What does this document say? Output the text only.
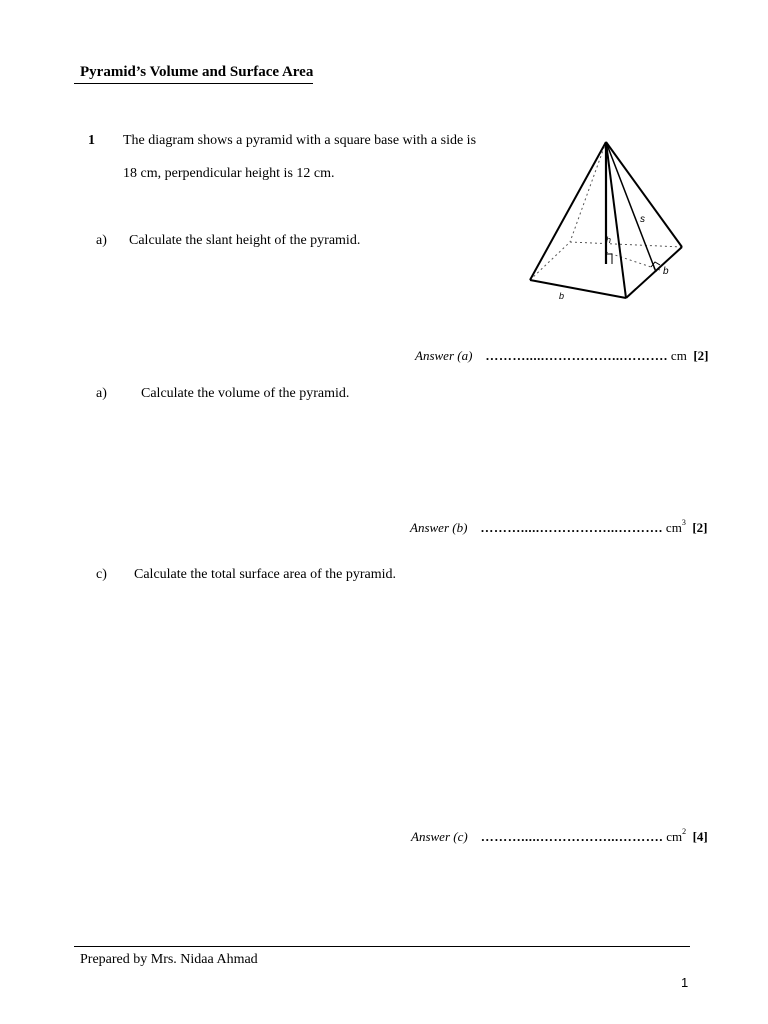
Pyramid’s Volume and Surface Area
1 The diagram shows a pyramid with a square base with a side is
18 cm, perpendicular height is 12 cm.
s
h
b
b
a) Calculate the slant height of the pyramid.
Answer (a) ……….....……………...………. cm [2]
a) Calculate the volume of the pyramid.
Answer (b) ……….....……………...………. $cm^3$ [2]
c) Calculate the total surface area of the pyramid.
Answer (c) ……….....……………...………. $cm^2$ [4]
Prepared by Mrs. Nidaa Ahmad
1
